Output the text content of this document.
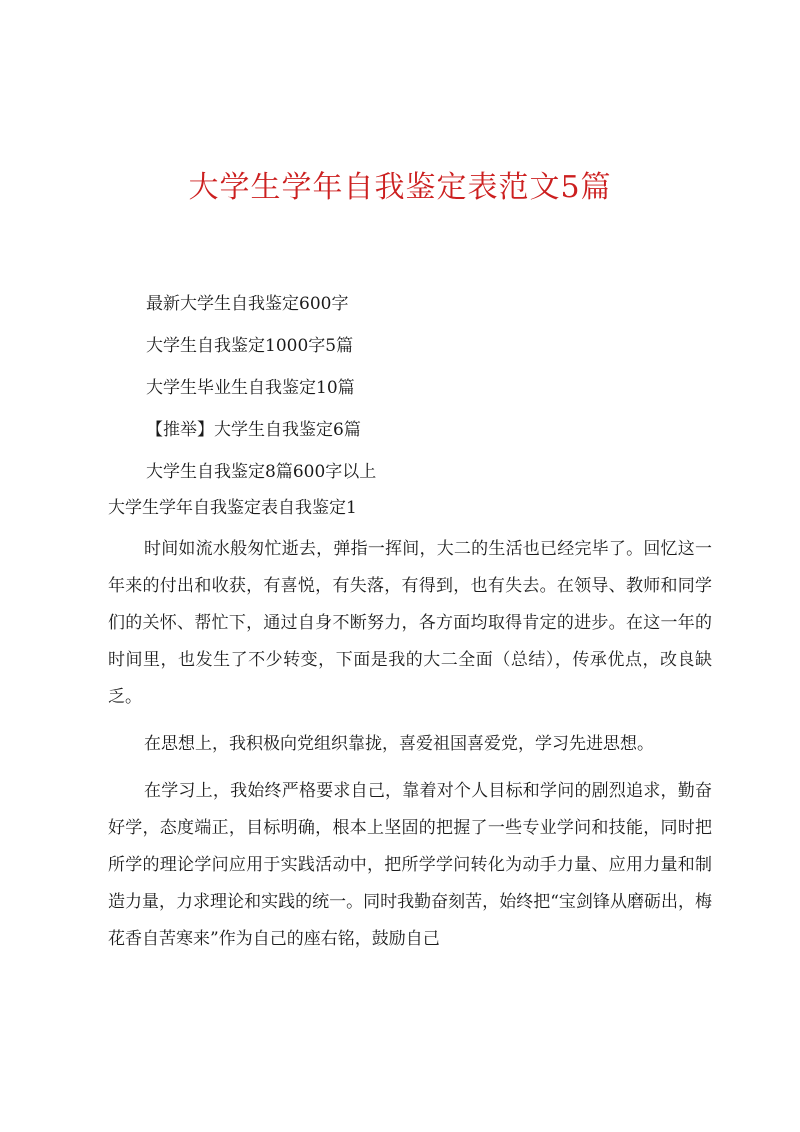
大学生学年自我鉴定表范文5篇
最新大学生自我鉴定600字
大学生自我鉴定1000字5篇
大学生毕业生自我鉴定10篇
【推举】大学生自我鉴定6篇
大学生自我鉴定8篇600字以上
大学生学年自我鉴定表自我鉴定1

时间如流水般匆忙逝去，弹指一挥间，大二的生活也已经完毕了。回忆这一年来的付出和收获，有喜悦，有失落，有得到，也有失去。在领导、教师和同学们的关怀、帮忙下，通过自身不断努力，各方面均取得肯定的进步。在这一年的时间里，也发生了不少转变，下面是我的大二全面（总结），传承优点，改良缺乏。

在思想上，我积极向党组织靠拢，喜爱祖国喜爱党，学习先进思想。

在学习上，我始终严格要求自己，靠着对个人目标和学问的剧烈追求，勤奋好学，态度端正，目标明确，根本上坚固的把握了一些专业学问和技能，同时把所学的理论学问应用于实践活动中，把所学学问转化为动手力量、应用力量和制造力量，力求理论和实践的统一。同时我勤奋刻苦，始终把“宝剑锋从磨砺出，梅花香自苦寒来”作为自己的座右铭，鼓励自己
